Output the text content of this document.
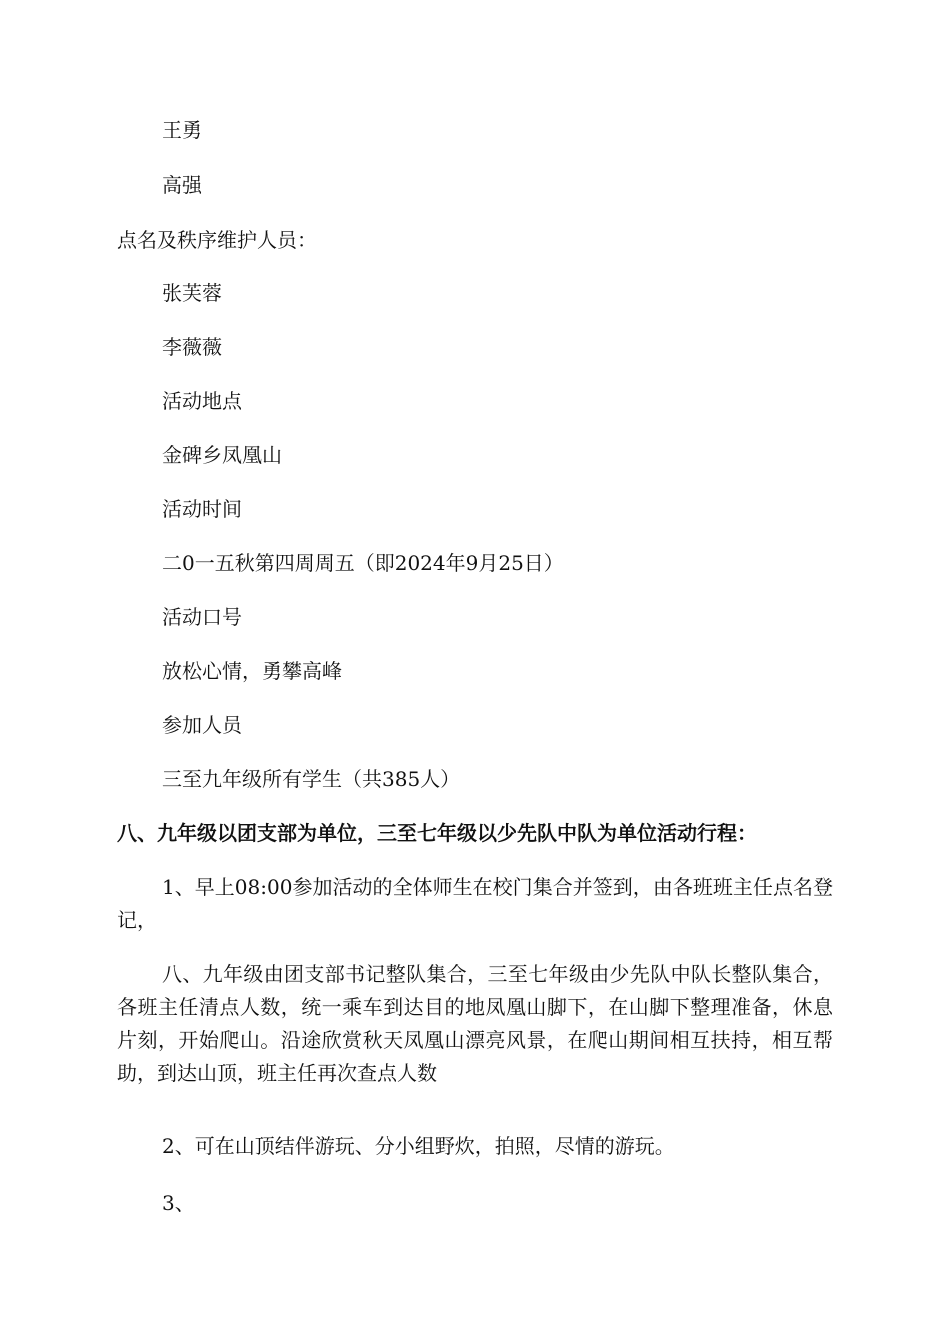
王勇

高强

点名及秩序维护人员：

张芙蓉

李薇薇

活动地点

金碑乡凤凰山

活动时间

二0一五秋第四周周五（即2024年9月25日）

活动口号

放松心情，勇攀高峰

参加人员

三至九年级所有学生（共385人）

八、九年级以团支部为单位，三至七年级以少先队中队为单位活动行程：

1、早上08:00参加活动的全体师生在校门集合并签到，由各班班主任点名登记，

八、九年级由团支部书记整队集合，三至七年级由少先队中队长整队集合，各班主任清点人数，统一乘车到达目的地凤凰山脚下，在山脚下整理准备，休息片刻，开始爬山。沿途欣赏秋天凤凰山漂亮风景，在爬山期间相互扶持，相互帮助，到达山顶，班主任再次查点人数

2、可在山顶结伴游玩、分小组野炊，拍照，尽情的游玩。

3、
